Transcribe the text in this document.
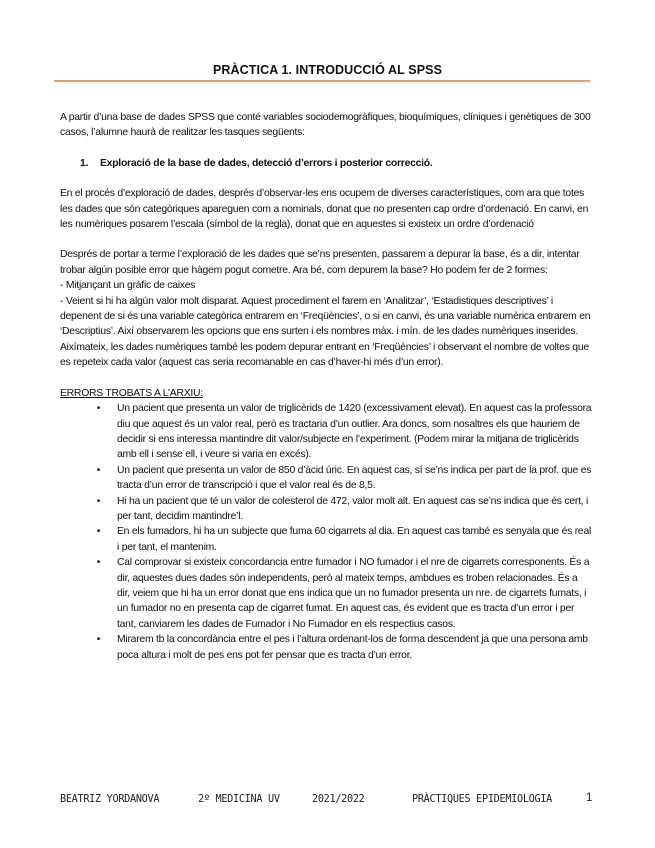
PRÀCTICA 1. INTRODUCCIÓ AL SPSS

A partir d’una base de dades SPSS que conté variables sociodemogràfiques, bioquímiques, clíniques i genètiques de 300 casos, l’alumne haurà de realitzar les tasques següents:

1.	Exploració de la base de dades, detecció d’errors i posterior correcció.

En el procés d’exploració de dades, després d’observar-les ens ocupem de diverses característiques, com ara que totes les dades que són categòriques apareguen com a nominals, donat que no presenten cap ordre d’ordenació. En canvi, en les numèriques posarem l’escala (símbol de la regla), donat que en aquestes si existeix un ordre d’ordenació

Després de portar a terme l’exploració de les dades que se’ns presenten, passarem a depurar la base, és a dir, intentar trobar algún posible error que hàgem pogut cometre. Ara bé, com depurem la base? Ho podem fer de 2 formes:

- Mitjançant un gràfic de caixes

- Veient si hi ha algún valor molt disparat. Aquest procediment el farem en ‘Analitzar’, ‘Estadistiques descriptives’ i depenent de si és una variable categòrica entrarem en ‘Freqüències’, o si en canvi, és una variable numèrica entrarem en ‘Descriptius’. Així observarem les opcions que ens surten i els nombres màx. i mín. de les dades numèriques inserides. Aixímateix, les dades numèriques també les podem depurar entrant en ‘Freqüències’ i observant el nombre de voltes que es repeteix cada valor (aquest cas seria recomanable en cas d’haver-hi més d’un error).

ERRORS TROBATS A L’ARXIU:

•	Un pacient que presenta un valor de triglicèrids de 1420 (excessivament elevat). En aquest cas la professora diu que aquest és un valor real, però es tractaria d’un outlier. Ara doncs, som nosaltres els que hauriem de decidir si ens interessa mantindre dit valor/subjecte en l’experiment. (Podem mirar la mitjana de triglicèrids amb ell i sense ell, i veure si varia en excés).
•	Un pacient que presenta un valor de 850 d’àcid úric. En aquest cas, sí se’ns indica per part de la prof. que es tracta d’un error de transcripció i que el valor real és de 8,5.
•	Hi ha un pacient que té un valor de colesterol de 472, valor molt alt. En aquest cas se’ns indica que és cert, i per tant, decidim mantindre’l.
•	En els fumadors, hi ha un subjecte que fuma 60 cigarrets al dia. En aquest cas també es senyala que és real i per tant, el mantenim.
•	Cal comprovar si existeix concordancia entre fumador i NO fumador i el nre de cigarrets corresponents. És a dir, aquestes dues dades són independents, però al mateix temps, ambdues es troben relacionades. És a dir, veiem que hi ha un error donat que ens indica que un no fumador presenta un nre. de cigarrets fumats, i un fumador no en presenta cap de cigarret fumat. En aquest cas, és evident que es tracta d’un error i per tant, canviarem les dades de Fumador i No Fumador en els respectius casos.
•	Mirarem tb la concordància entre el pes i l’altura ordenant-los de forma descendent ja que una persona amb poca altura i molt de pes ens pot fer pensar que es tracta d’un error.
BEATRIZ YORDANOVA	2º MEDICINA UV	2021/2022	PRÀCTIQUES EPIDEMIOLOGIA	1
